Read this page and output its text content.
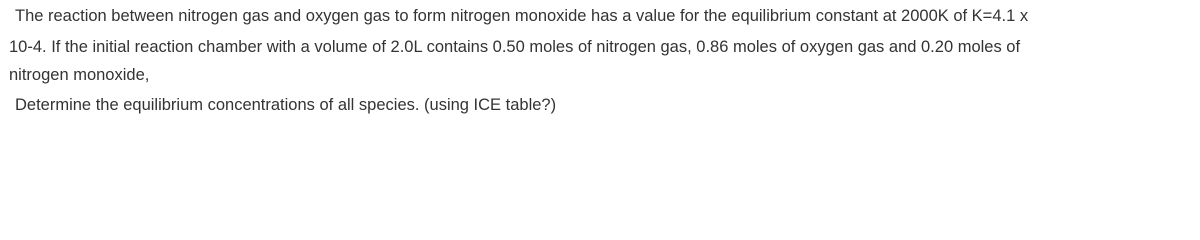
The reaction between nitrogen gas and oxygen gas to form nitrogen monoxide has a value for the equilibrium constant at 2000K of K=4.1 x
10-4. If the initial reaction chamber with a volume of 2.0L contains 0.50 moles of nitrogen gas, 0.86 moles of oxygen gas and 0.20 moles of
nitrogen monoxide,
Determine the equilibrium concentrations of all species. (using ICE table?)
